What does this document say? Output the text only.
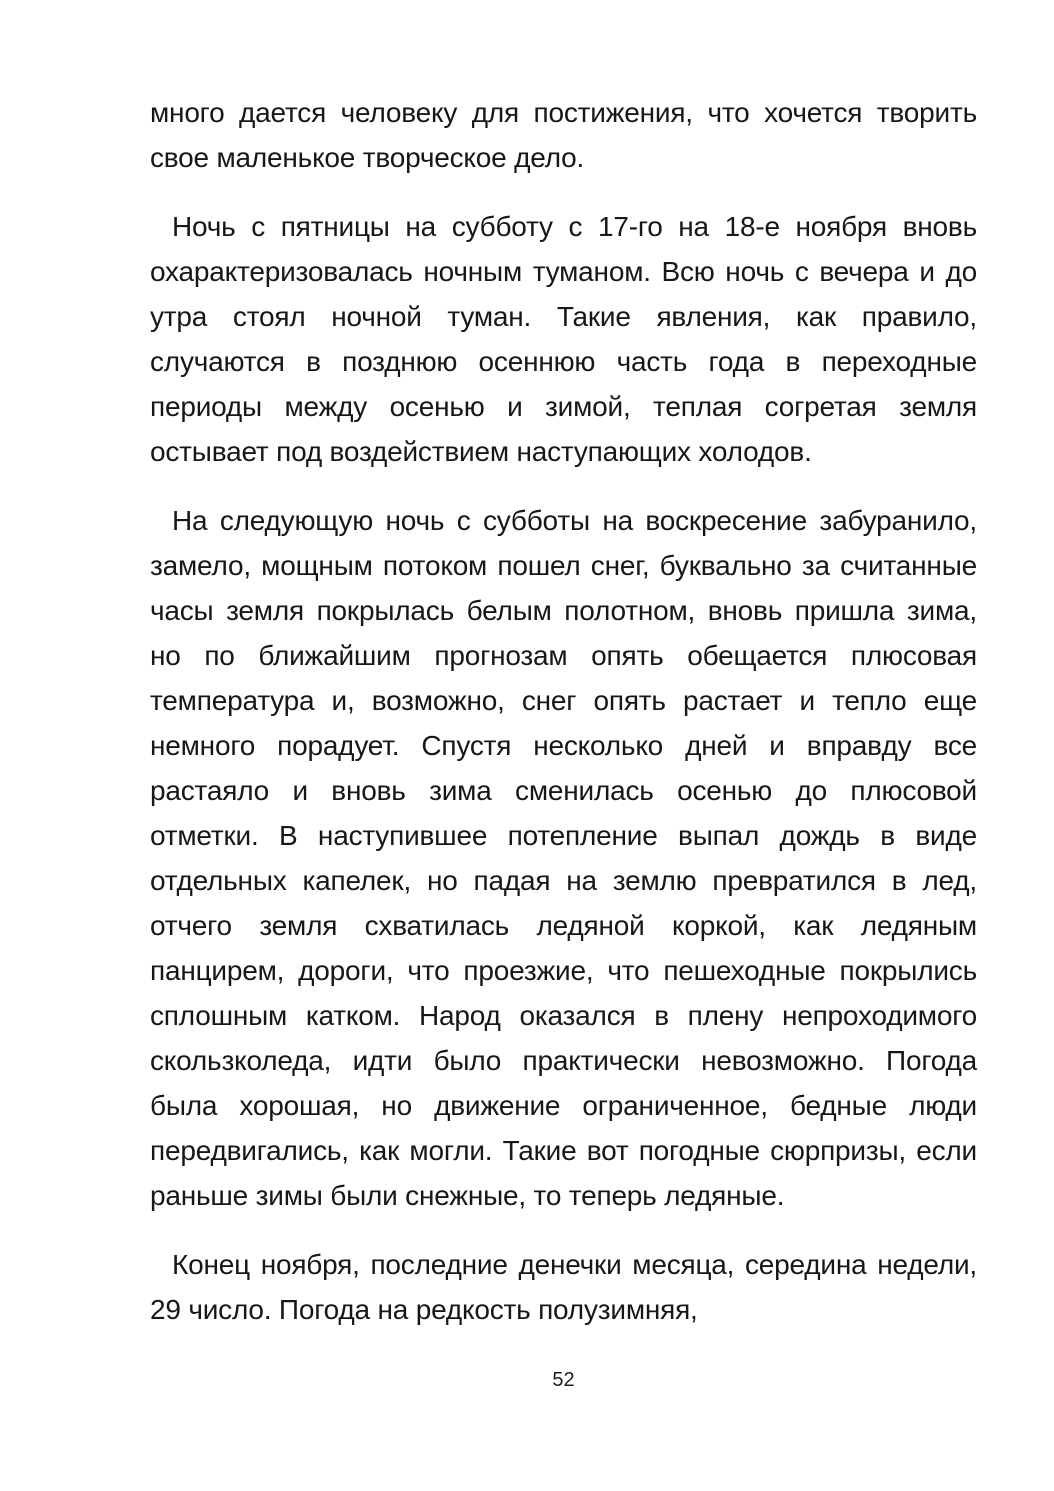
много дается человеку для постижения, что хочется творить свое маленькое творческое дело.

Ночь с пятницы на субботу с 17-го на 18-е ноября вновь охарактеризовалась ночным туманом. Всю ночь с вечера и до утра стоял ночной туман. Такие явления, как правило, случаются в позднюю осеннюю часть года в переходные периоды между осенью и зимой, теплая согретая земля остывает под воздействием наступающих холодов.

На следующую ночь с субботы на воскресение забуранило, замело, мощным потоком пошел снег, буквально за считанные часы земля покрылась белым полотном, вновь пришла зима, но по ближайшим прогнозам опять обещается плюсовая температура и, возможно, снег опять растает и тепло еще немного порадует. Спустя несколько дней и вправду все растаяло и вновь зима сменилась осенью до плюсовой отметки. В наступившее потепление выпал дождь в виде отдельных капелек, но падая на землю превратился в лед, отчего земля схватилась ледяной коркой, как ледяным панцирем, дороги, что проезжие, что пешеходные покрылись сплошным катком. Народ оказался в плену непроходимого скользколеда, идти было практически невозможно. Погода была хорошая, но движение ограниченное, бедные люди передвигались, как могли. Такие вот погодные сюрпризы, если раньше зимы были снежные, то теперь ледяные.

Конец ноября, последние денечки месяца, середина недели, 29 число. Погода на редкость полузимняя,

52
